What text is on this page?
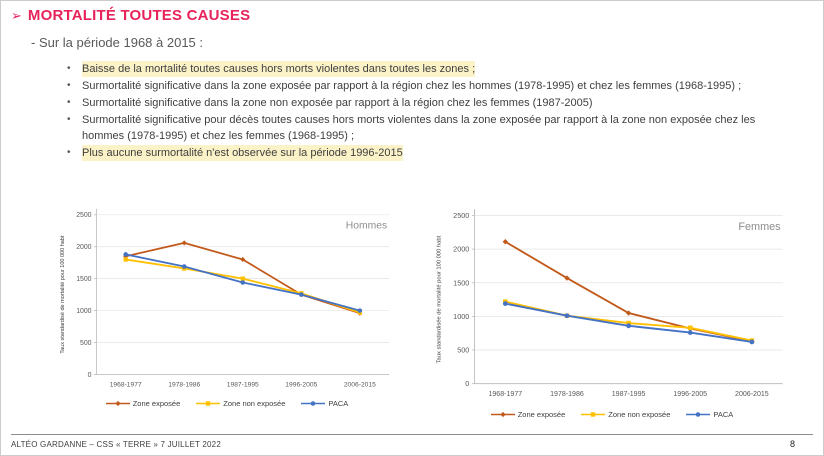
➢ MORTALITÉ TOUTES CAUSES
- Sur la période 1968 à 2015 :
•	Baisse de la mortalité toutes causes hors morts violentes dans toutes les zones ;
•	Surmortalité significative dans la zone exposée par rapport à la région chez les hommes (1978-1995) et chez les femmes (1968-1995) ;
•	Surmortalité significative dans la zone non exposée par rapport à la région chez les femmes (1987-2005)
•	Surmortalité significative pour décès toutes causes hors morts violentes dans la zone exposée par rapport à la zone non exposée chez les hommes (1978-1995) et chez les femmes (1968-1995) ;
•	Plus aucune surmortalité n'est observée sur la période 1996-2015
0
500
1000
1500
2000
2500
1968-1977	1978-1986	1987-1995	1996-2005	2006-2015
Taux standardisé de mortalité pour 100 000 habt
Hommes
Zone exposée	Zone non exposée	PACA
0
500
1000
1500
2000
2500
1968-1977	1978-1986	1987-1995	1996-2005	2006-2015
Taux standardisée de mortalité pour 100 000 habt
Femmes
Zone exposée	Zone non exposée	PACA
ALTÉO GARDANNE – CSS « TERRE » 7 JUILLET 2022	8
